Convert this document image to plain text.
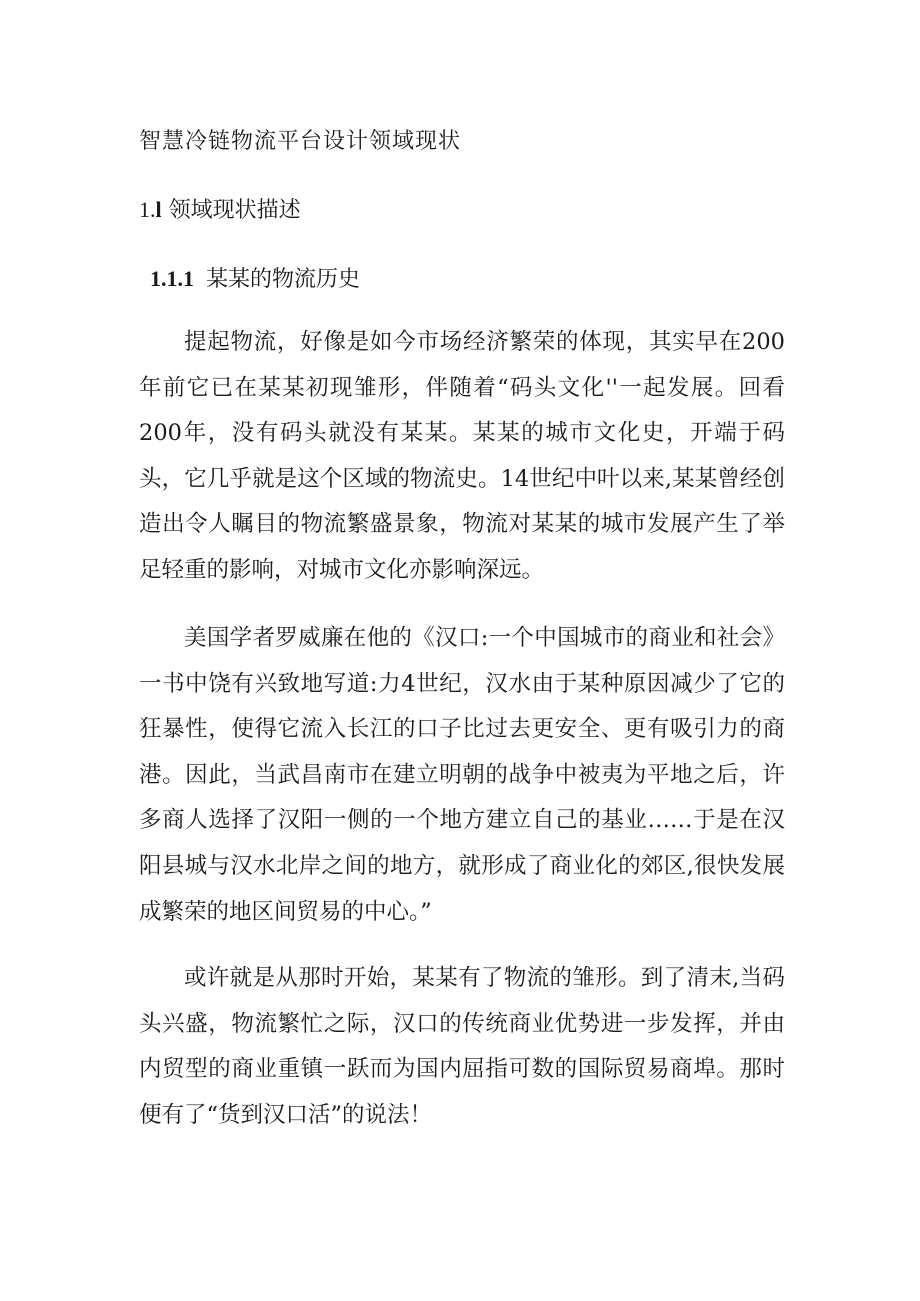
智慧冷链物流平台设计领域现状
1.l 领域现状描述
1.1.1 某某的物流历史

提起物流，好像是如今市场经济繁荣的体现，其实早在200年前它已在某某初现雏形，伴随着“码头文化''一起发展。回看200年，没有码头就没有某某。某某的城市文化史，开端于码头，它几乎就是这个区域的物流史。14世纪中叶以来,某某曾经创造出令人瞩目的物流繁盛景象，物流对某某的城市发展产生了举足轻重的影响，对城市文化亦影响深远。

美国学者罗威廉在他的《汉口:一个中国城市的商业和社会》一书中饶有兴致地写道:力4世纪，汉水由于某种原因减少了它的狂暴性，使得它流入长江的口子比过去更安全、更有吸引力的商港。因此，当武昌南市在建立明朝的战争中被夷为平地之后，许多商人选择了汉阳一侧的一个地方建立自己的基业……于是在汉阳县城与汉水北岸之间的地方，就形成了商业化的郊区,很快发展成繁荣的地区间贸易的中心。”

或许就是从那时开始，某某有了物流的雏形。到了清末,当码头兴盛，物流繁忙之际，汉口的传统商业优势进一步发挥，并由内贸型的商业重镇一跃而为国内屈指可数的国际贸易商埠。那时便有了“货到汉口活”的说法！
